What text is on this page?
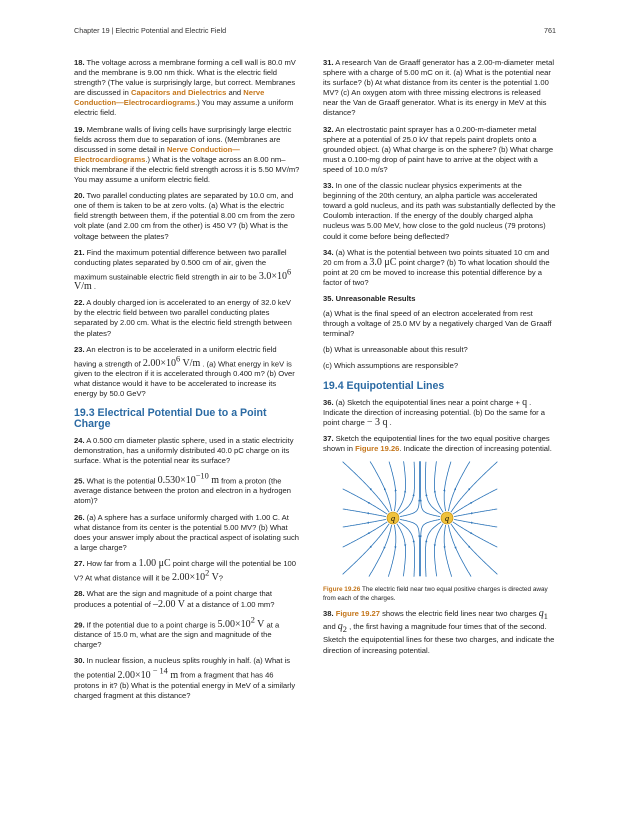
Chapter 19 | Electric Potential and Electric Field	761

18. The voltage across a membrane forming a cell wall is 80.0 mV and the membrane is 9.00 nm thick. What is the electric field strength? (The value is surprisingly large, but correct. Membranes are discussed in Capacitors and Dielectrics and Nerve Conduction—Electrocardiograms.) You may assume a uniform electric field.

19. Membrane walls of living cells have surprisingly large electric fields across them due to separation of ions. (Membranes are discussed in some detail in Nerve Conduction—Electrocardiograms.) What is the voltage across an 8.00 nm–thick membrane if the electric field strength across it is 5.50 MV/m? You may assume a uniform electric field.

20. Two parallel conducting plates are separated by 10.0 cm, and one of them is taken to be at zero volts. (a) What is the electric field strength between them, if the potential 8.00 cm from the zero volt plate (and 2.00 cm from the other) is 450 V? (b) What is the voltage between the plates?

21. Find the maximum potential difference between two parallel conducting plates separated by 0.500 cm of air, given the maximum sustainable electric field strength in air to be $3.0\times 10^6$ V/m .

22. A doubly charged ion is accelerated to an energy of 32.0 keV by the electric field between two parallel conducting plates separated by 2.00 cm. What is the electric field strength between the plates?

23. An electron is to be accelerated in a uniform electric field having a strength of $2.00\times 10^6$ V/m . (a) What energy in keV is given to the electron if it is accelerated through 0.400 m? (b) Over what distance would it have to be accelerated to increase its energy by 50.0 GeV?

19.3 Electrical Potential Due to a Point Charge

24. A 0.500 cm diameter plastic sphere, used in a static electricity demonstration, has a uniformly distributed 40.0 pC charge on its surface. What is the potential near its surface?

25. What is the potential $0.530\times 10^{-10}$ m from a proton (the average distance between the proton and electron in a hydrogen atom)?

26. (a) A sphere has a surface uniformly charged with 1.00 C. At what distance from its center is the potential 5.00 MV? (b) What does your answer imply about the practical aspect of isolating such a large charge?

27. How far from a 1.00 μC point charge will the potential be 100 V? At what distance will it be $2.00\times 10^2$ V?

28. What are the sign and magnitude of a point charge that produces a potential of –2.00 V at a distance of 1.00 mm?

29. If the potential due to a point charge is $5.00\times 10^2$ V at a distance of 15.0 m, what are the sign and magnitude of the charge?

30. In nuclear fission, a nucleus splits roughly in half. (a) What is the potential 2.00×10 $^{- 14}$ m from a fragment that has 46 protons in it? (b) What is the potential energy in MeV of a similarly charged fragment at this distance?

31. A research Van de Graaff generator has a 2.00-m-diameter metal sphere with a charge of 5.00 mC on it. (a) What is the potential near its surface? (b) At what distance from its center is the potential 1.00 MV? (c) An oxygen atom with three missing electrons is released near the Van de Graaff generator. What is its energy in MeV at this distance?

32. An electrostatic paint sprayer has a 0.200-m-diameter metal sphere at a potential of 25.0 kV that repels paint droplets onto a grounded object. (a) What charge is on the sphere? (b) What charge must a 0.100-mg drop of paint have to arrive at the object with a speed of 10.0 m/s?

33. In one of the classic nuclear physics experiments at the beginning of the 20th century, an alpha particle was accelerated toward a gold nucleus, and its path was substantially deflected by the Coulomb interaction. If the energy of the doubly charged alpha nucleus was 5.00 MeV, how close to the gold nucleus (79 protons) could it come before being deflected?

34. (a) What is the potential between two points situated 10 cm and 20 cm from a 3.0 μC point charge? (b) To what location should the point at 20 cm be moved to increase this potential difference by a factor of two?

35. Unreasonable Results

(a) What is the final speed of an electron accelerated from rest through a voltage of 25.0 MV by a negatively charged Van de Graaff terminal?

(b) What is unreasonable about this result?

(c) Which assumptions are responsible?

19.4 Equipotential Lines

36. (a) Sketch the equipotential lines near a point charge + q . Indicate the direction of increasing potential. (b) Do the same for a point charge − 3 q .

37. Sketch the equipotential lines for the two equal positive charges shown in Figure 19.26. Indicate the direction of increasing potential.

q	q

Figure 19.26 The electric field near two equal positive charges is directed away from each of the charges.

38. Figure 19.27 shows the electric field lines near two charges $q_1$ and $q_2$ , the first having a magnitude four times that of the second. Sketch the equipotential lines for these two charges, and indicate the direction of increasing potential.
